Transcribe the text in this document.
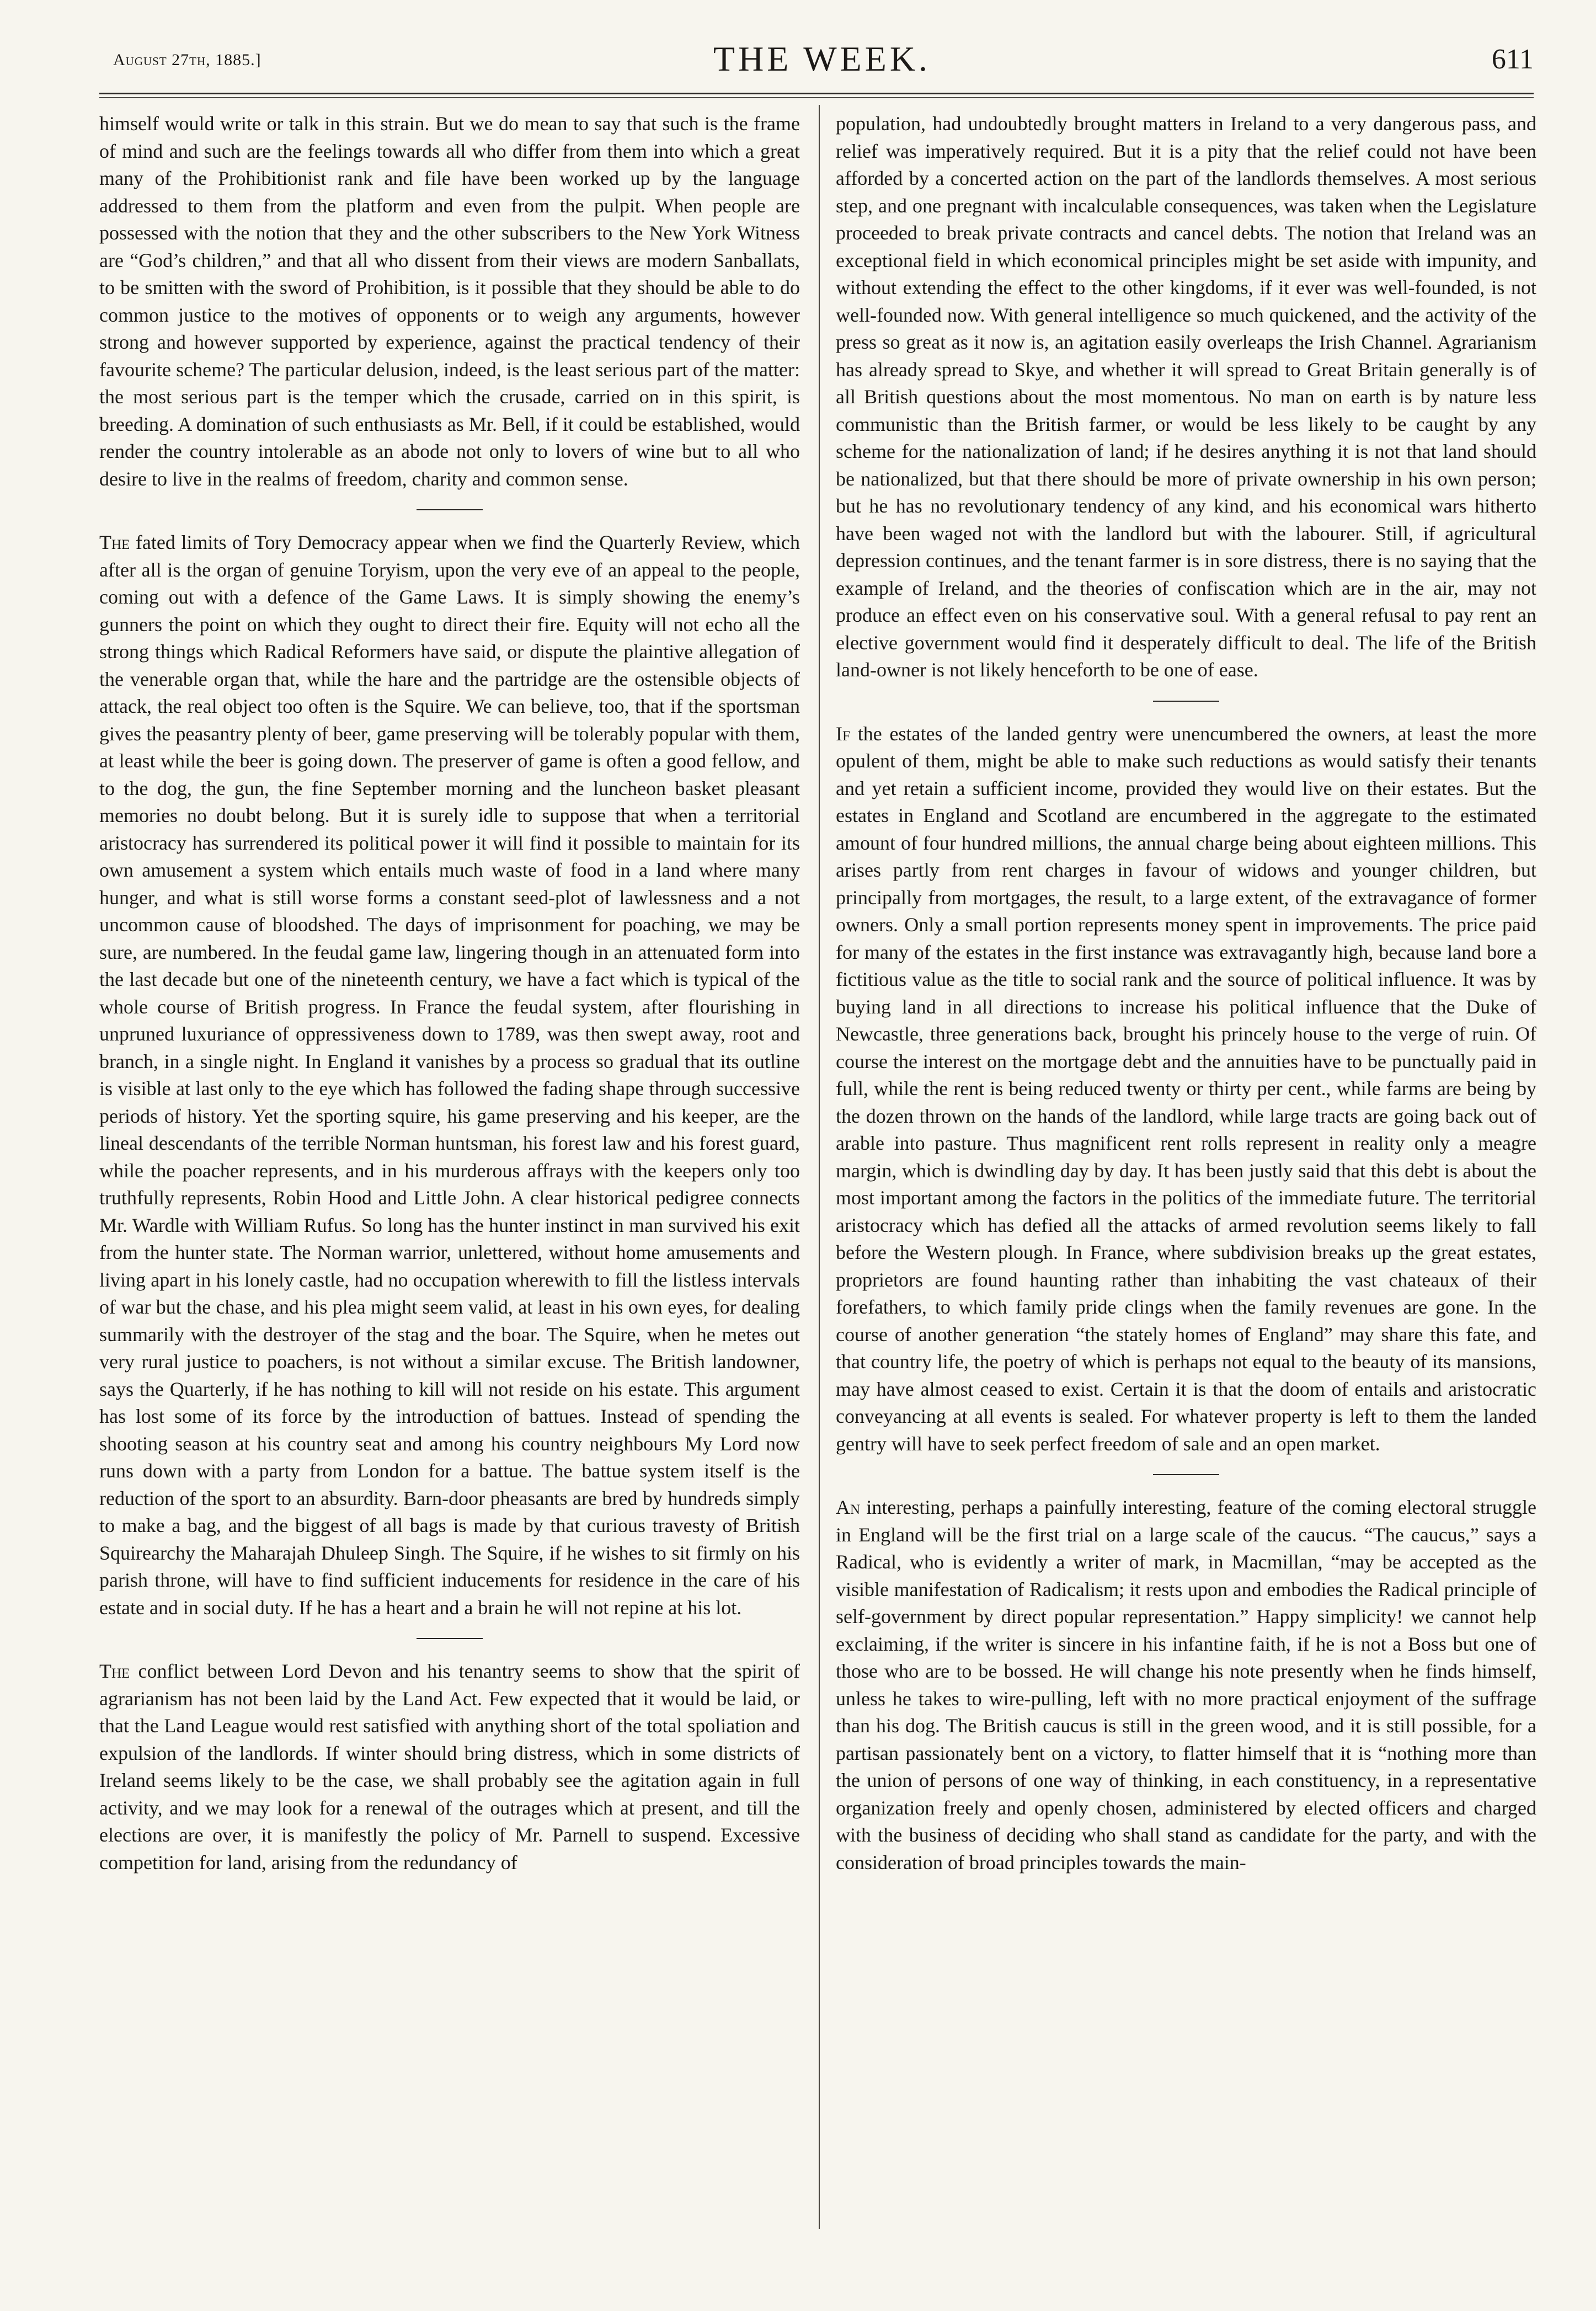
August 27th, 1885.]	THE WEEK.	611

himself would write or talk in this strain. But we do mean to say that such is the frame of mind and such are the feelings towards all who differ from them into which a great many of the Prohibitionist rank and file have been worked up by the language addressed to them from the platform and even from the pulpit. When people are possessed with the notion that they and the other subscribers to the New York Witness are “God’s children,” and that all who dissent from their views are modern Sanballats, to be smitten with the sword of Prohibition, is it possible that they should be able to do common justice to the motives of opponents or to weigh any arguments, however strong and however supported by experience, against the practical tendency of their favourite scheme? The particular delusion, indeed, is the least serious part of the matter: the most serious part is the temper which the crusade, carried on in this spirit, is breeding. A domination of such enthusiasts as Mr. Bell, if it could be established, would render the country intolerable as an abode not only to lovers of wine but to all who desire to live in the realms of freedom, charity and common sense.

The fated limits of Tory Democracy appear when we find the Quarterly Review, which after all is the organ of genuine Toryism, upon the very eve of an appeal to the people, coming out with a defence of the Game Laws. It is simply showing the enemy’s gunners the point on which they ought to direct their fire. Equity will not echo all the strong things which Radical Reformers have said, or dispute the plaintive allegation of the venerable organ that, while the hare and the partridge are the ostensible objects of attack, the real object too often is the Squire. We can believe, too, that if the sportsman gives the peasantry plenty of beer, game preserving will be tolerably popular with them, at least while the beer is going down. The preserver of game is often a good fellow, and to the dog, the gun, the fine September morning and the luncheon basket pleasant memories no doubt belong. But it is surely idle to suppose that when a territorial aristocracy has surrendered its political power it will find it possible to maintain for its own amusement a system which entails much waste of food in a land where many hunger, and what is still worse forms a constant seed-plot of lawlessness and a not uncommon cause of bloodshed. The days of imprisonment for poaching, we may be sure, are numbered. In the feudal game law, lingering though in an attenuated form into the last decade but one of the nineteenth century, we have a fact which is typical of the whole course of British progress. In France the feudal system, after flourishing in unpruned luxuriance of oppressiveness down to 1789, was then swept away, root and branch, in a single night. In England it vanishes by a process so gradual that its outline is visible at last only to the eye which has followed the fading shape through successive periods of history. Yet the sporting squire, his game preserving and his keeper, are the lineal descendants of the terrible Norman huntsman, his forest law and his forest guard, while the poacher represents, and in his murderous affrays with the keepers only too truthfully represents, Robin Hood and Little John. A clear historical pedigree connects Mr. Wardle with William Rufus. So long has the hunter instinct in man survived his exit from the hunter state. The Norman warrior, unlettered, without home amusements and living apart in his lonely castle, had no occupation wherewith to fill the listless intervals of war but the chase, and his plea might seem valid, at least in his own eyes, for dealing summarily with the destroyer of the stag and the boar. The Squire, when he metes out very rural justice to poachers, is not without a similar excuse. The British landowner, says the Quarterly, if he has nothing to kill will not reside on his estate. This argument has lost some of its force by the introduction of battues. Instead of spending the shooting season at his country seat and among his country neighbours My Lord now runs down with a party from London for a battue. The battue system itself is the reduction of the sport to an absurdity. Barn-door pheasants are bred by hundreds simply to make a bag, and the biggest of all bags is made by that curious travesty of British Squirearchy the Maharajah Dhuleep Singh. The Squire, if he wishes to sit firmly on his parish throne, will have to find sufficient inducements for residence in the care of his estate and in social duty. If he has a heart and a brain he will not repine at his lot.

The conflict between Lord Devon and his tenantry seems to show that the spirit of agrarianism has not been laid by the Land Act. Few expected that it would be laid, or that the Land League would rest satisfied with anything short of the total spoliation and expulsion of the landlords. If winter should bring distress, which in some districts of Ireland seems likely to be the case, we shall probably see the agitation again in full activity, and we may look for a renewal of the outrages which at present, and till the elections are over, it is manifestly the policy of Mr. Parnell to suspend. Excessive competition for land, arising from the redundancy of

population, had undoubtedly brought matters in Ireland to a very dangerous pass, and relief was imperatively required. But it is a pity that the relief could not have been afforded by a concerted action on the part of the landlords themselves. A most serious step, and one pregnant with incalculable consequences, was taken when the Legislature proceeded to break private contracts and cancel debts. The notion that Ireland was an exceptional field in which economical principles might be set aside with impunity, and without extending the effect to the other kingdoms, if it ever was well-founded, is not well-founded now. With general intelligence so much quickened, and the activity of the press so great as it now is, an agitation easily overleaps the Irish Channel. Agrarianism has already spread to Skye, and whether it will spread to Great Britain generally is of all British questions about the most momentous. No man on earth is by nature less communistic than the British farmer, or would be less likely to be caught by any scheme for the nationalization of land; if he desires anything it is not that land should be nationalized, but that there should be more of private ownership in his own person; but he has no revolutionary tendency of any kind, and his economical wars hitherto have been waged not with the landlord but with the labourer. Still, if agricultural depression continues, and the tenant farmer is in sore distress, there is no saying that the example of Ireland, and the theories of confiscation which are in the air, may not produce an effect even on his conservative soul. With a general refusal to pay rent an elective government would find it desperately difficult to deal. The life of the British land-owner is not likely henceforth to be one of ease.

If the estates of the landed gentry were unencumbered the owners, at least the more opulent of them, might be able to make such reductions as would satisfy their tenants and yet retain a sufficient income, provided they would live on their estates. But the estates in England and Scotland are encumbered in the aggregate to the estimated amount of four hundred millions, the annual charge being about eighteen millions. This arises partly from rent charges in favour of widows and younger children, but principally from mortgages, the result, to a large extent, of the extravagance of former owners. Only a small portion represents money spent in improvements. The price paid for many of the estates in the first instance was extravagantly high, because land bore a fictitious value as the title to social rank and the source of political influence. It was by buying land in all directions to increase his political influence that the Duke of Newcastle, three generations back, brought his princely house to the verge of ruin. Of course the interest on the mortgage debt and the annuities have to be punctually paid in full, while the rent is being reduced twenty or thirty per cent., while farms are being by the dozen thrown on the hands of the landlord, while large tracts are going back out of arable into pasture. Thus magnificent rent rolls represent in reality only a meagre margin, which is dwindling day by day. It has been justly said that this debt is about the most important among the factors in the politics of the immediate future. The territorial aristocracy which has defied all the attacks of armed revolution seems likely to fall before the Western plough. In France, where subdivision breaks up the great estates, proprietors are found haunting rather than inhabiting the vast chateaux of their forefathers, to which family pride clings when the family revenues are gone. In the course of another generation “the stately homes of England” may share this fate, and that country life, the poetry of which is perhaps not equal to the beauty of its mansions, may have almost ceased to exist. Certain it is that the doom of entails and aristocratic conveyancing at all events is sealed. For whatever property is left to them the landed gentry will have to seek perfect freedom of sale and an open market.

An interesting, perhaps a painfully interesting, feature of the coming electoral struggle in England will be the first trial on a large scale of the caucus. “The caucus,” says a Radical, who is evidently a writer of mark, in Macmillan, “may be accepted as the visible manifestation of Radicalism; it rests upon and embodies the Radical principle of self-government by direct popular representation.” Happy simplicity! we cannot help exclaiming, if the writer is sincere in his infantine faith, if he is not a Boss but one of those who are to be bossed. He will change his note presently when he finds himself, unless he takes to wire-pulling, left with no more practical enjoyment of the suffrage than his dog. The British caucus is still in the green wood, and it is still possible, for a partisan passionately bent on a victory, to flatter himself that it is “nothing more than the union of persons of one way of thinking, in each constituency, in a representative organization freely and openly chosen, administered by elected officers and charged with the business of deciding who shall stand as candidate for the party, and with the consideration of broad principles towards the main-
